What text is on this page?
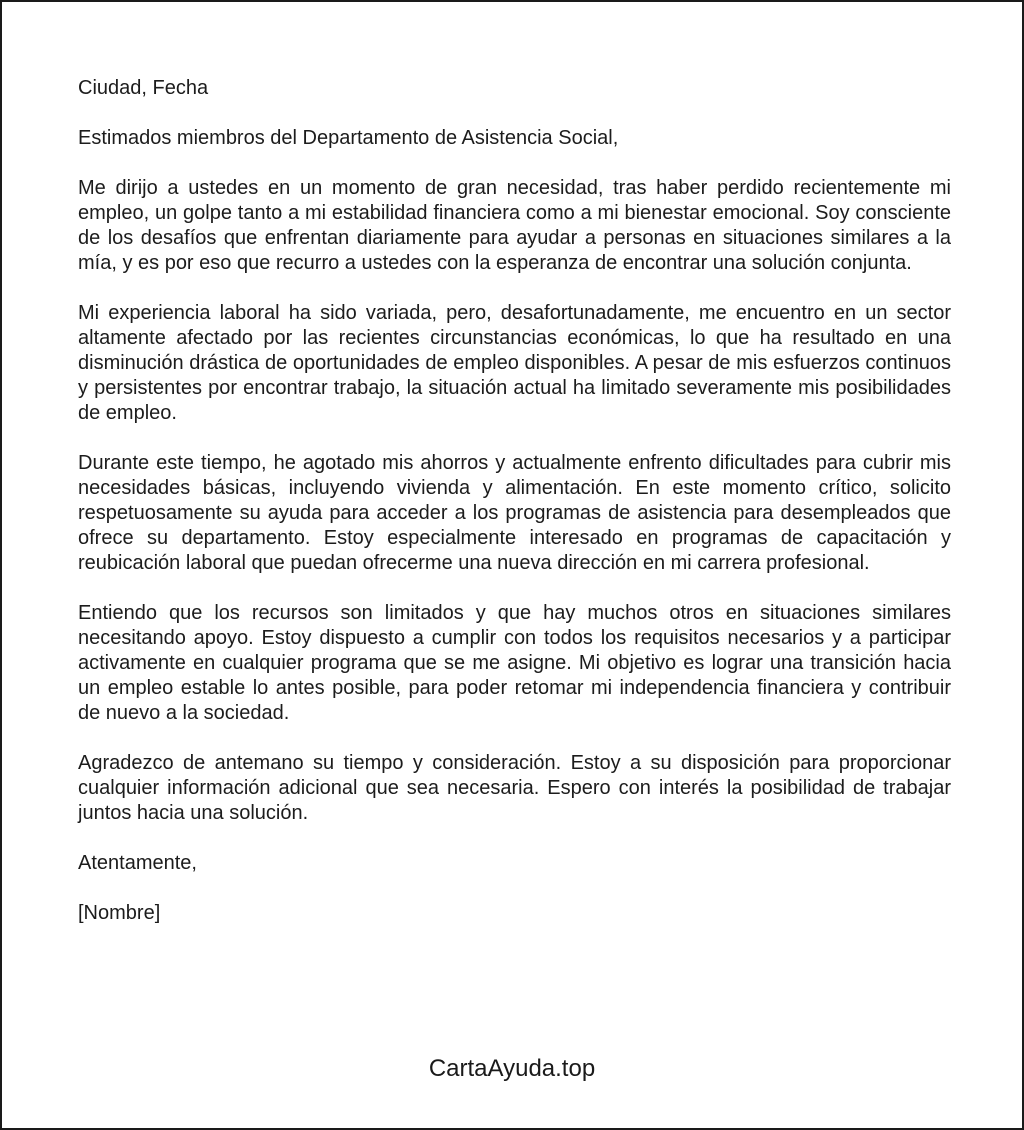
Ciudad, Fecha

Estimados miembros del Departamento de Asistencia Social,

Me dirijo a ustedes en un momento de gran necesidad, tras haber perdido recientemente mi empleo, un golpe tanto a mi estabilidad financiera como a mi bienestar emocional. Soy consciente de los desafíos que enfrentan diariamente para ayudar a personas en situaciones similares a la mía, y es por eso que recurro a ustedes con la esperanza de encontrar una solución conjunta.

Mi experiencia laboral ha sido variada, pero, desafortunadamente, me encuentro en un sector altamente afectado por las recientes circunstancias económicas, lo que ha resultado en una disminución drástica de oportunidades de empleo disponibles. A pesar de mis esfuerzos continuos y persistentes por encontrar trabajo, la situación actual ha limitado severamente mis posibilidades de empleo.

Durante este tiempo, he agotado mis ahorros y actualmente enfrento dificultades para cubrir mis necesidades básicas, incluyendo vivienda y alimentación. En este momento crítico, solicito respetuosamente su ayuda para acceder a los programas de asistencia para desempleados que ofrece su departamento. Estoy especialmente interesado en programas de capacitación y reubicación laboral que puedan ofrecerme una nueva dirección en mi carrera profesional.

Entiendo que los recursos son limitados y que hay muchos otros en situaciones similares necesitando apoyo. Estoy dispuesto a cumplir con todos los requisitos necesarios y a participar activamente en cualquier programa que se me asigne. Mi objetivo es lograr una transición hacia un empleo estable lo antes posible, para poder retomar mi independencia financiera y contribuir de nuevo a la sociedad.

Agradezco de antemano su tiempo y consideración. Estoy a su disposición para proporcionar cualquier información adicional que sea necesaria. Espero con interés la posibilidad de trabajar juntos hacia una solución.

Atentamente,

[Nombre]

CartaAyuda.top
